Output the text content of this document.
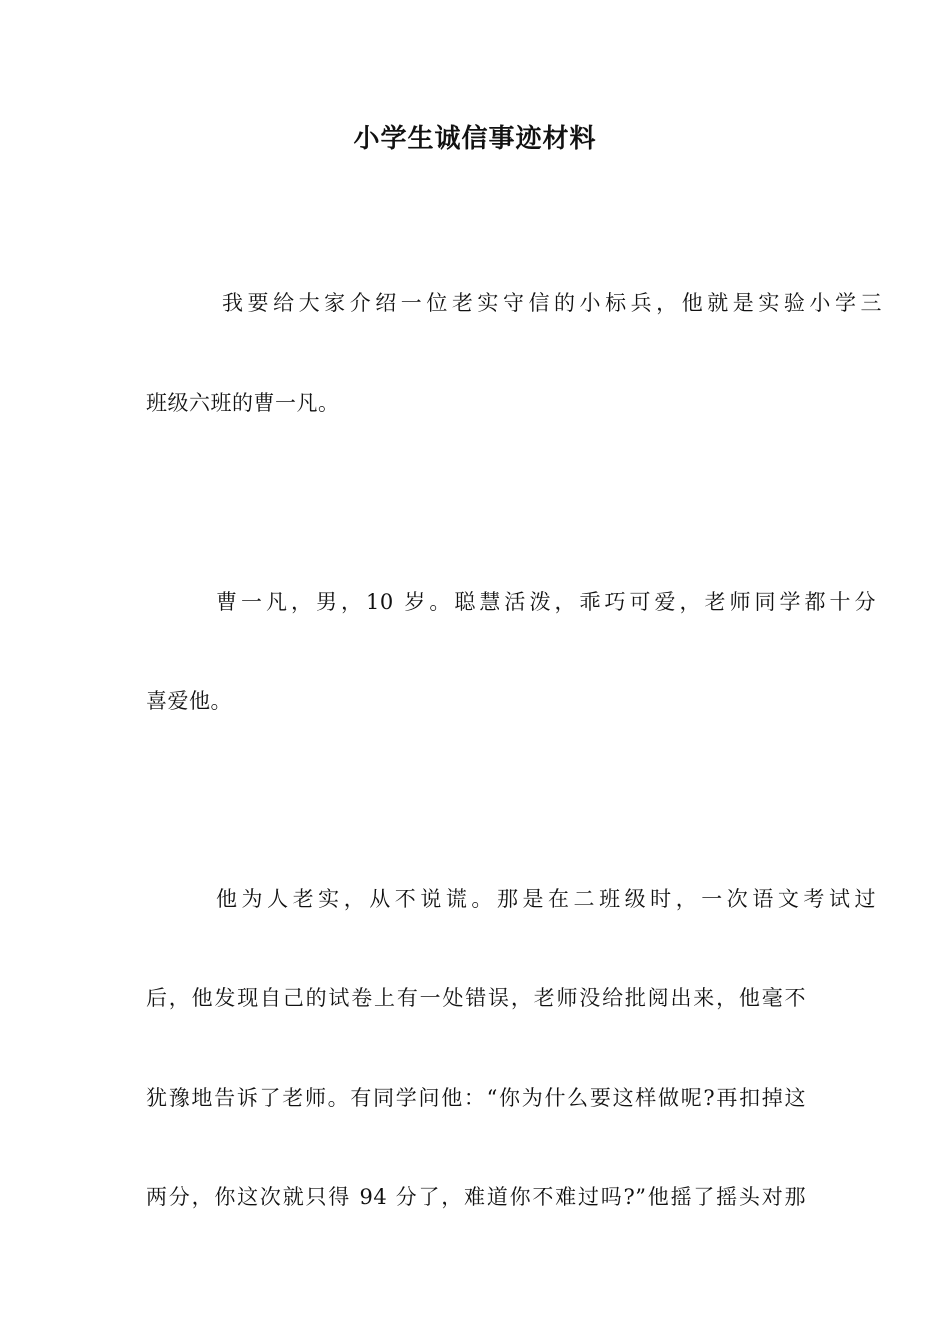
小学生诚信事迹材料
我要给大家介绍一位老实守信的小标兵，他就是实验小学三
班级六班的曹一凡。
曹一凡，男，10 岁。聪慧活泼，乖巧可爱，老师同学都十分
喜爱他。
他为人老实，从不说谎。那是在二班级时，一次语文考试过
后，他发现自己的试卷上有一处错误，老师没给批阅出来，他毫不
犹豫地告诉了老师。有同学问他：“你为什么要这样做呢?再扣掉这
两分，你这次就只得 94 分了，难道你不难过吗?”他摇了摇头对那
